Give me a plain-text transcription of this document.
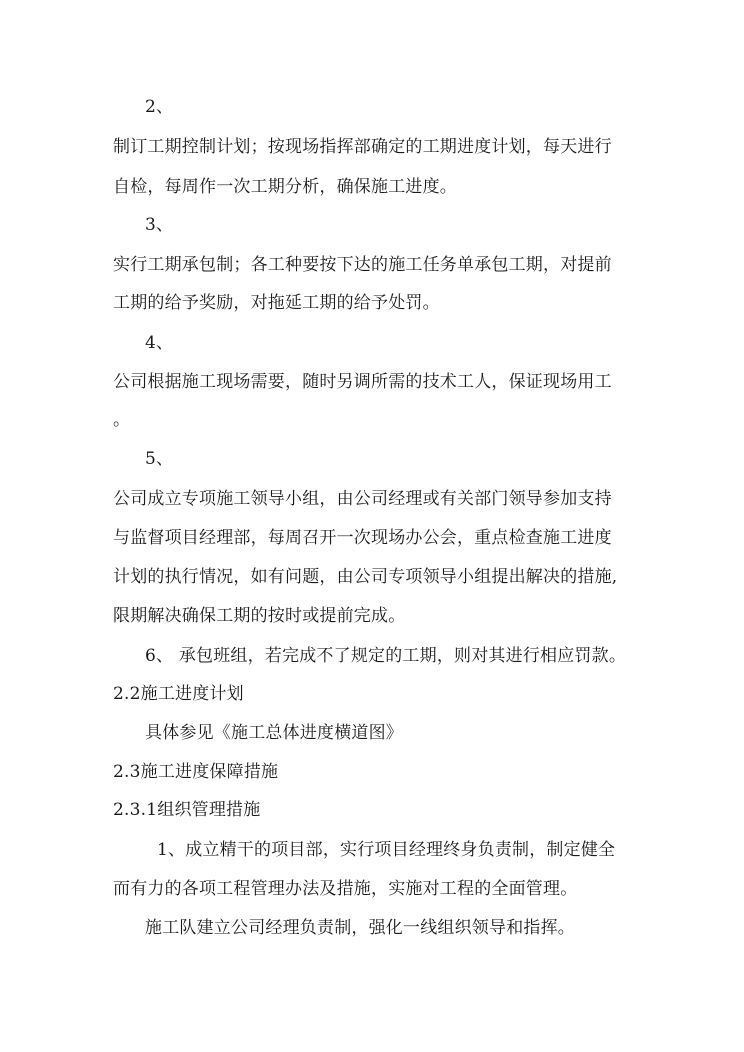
2、
制订工期控制计划；按现场指挥部确定的工期进度计划，每天进行
自检，每周作一次工期分析，确保施工进度。
3、
实行工期承包制；各工种要按下达的施工任务单承包工期，对提前
工期的给予奖励，对拖延工期的给予处罚。
4、
公司根据施工现场需要，随时另调所需的技术工人，保证现场用工
。
5、
公司成立专项施工领导小组，由公司经理或有关部门领导参加支持
与监督项目经理部，每周召开一次现场办公会，重点检查施工进度
计划的执行情况，如有问题，由公司专项领导小组提出解决的措施,
限期解决确保工期的按时或提前完成。
6、 承包班组，若完成不了规定的工期，则对其进行相应罚款。
2.2施工进度计划
具体参见《施工总体进度横道图》
2.3施工进度保障措施
2.3.1组织管理措施
1、成立精干的项目部，实行项目经理终身负责制，制定健全
而有力的各项工程管理办法及措施，实施对工程的全面管理。
施工队建立公司经理负责制，强化一线组织领导和指挥。
